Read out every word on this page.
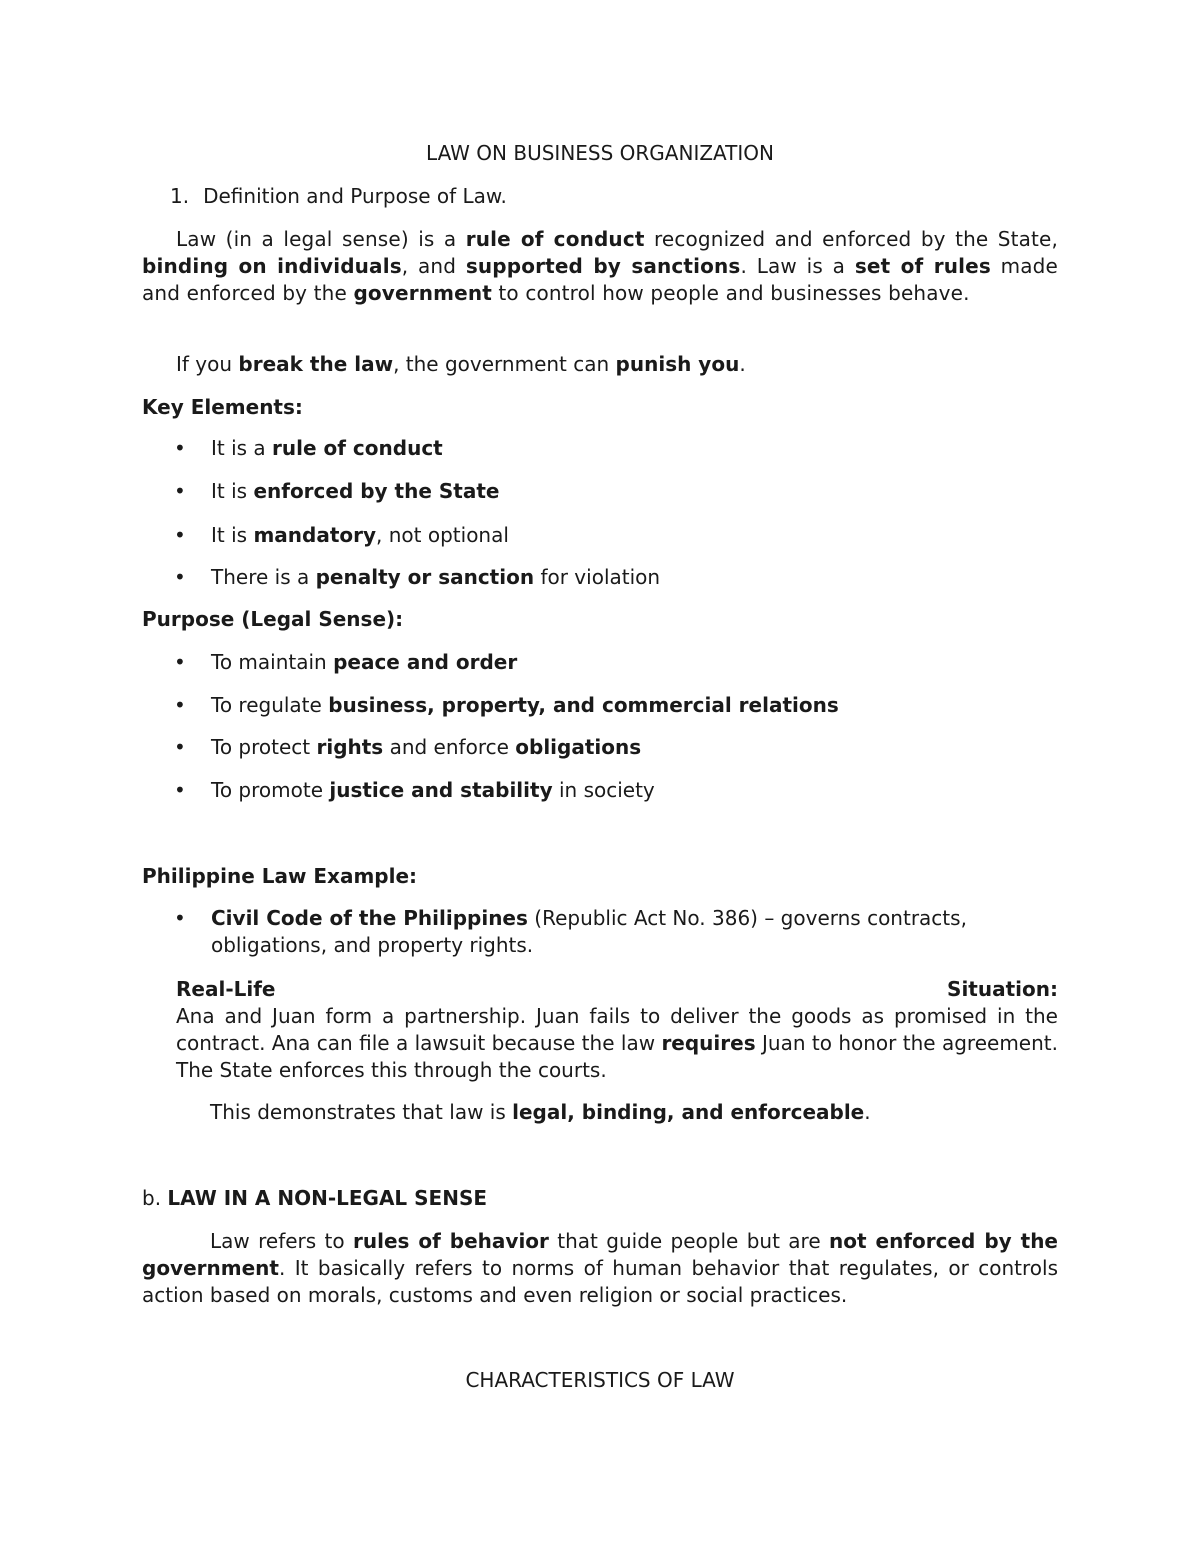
LAW ON BUSINESS ORGANIZATION
1. Definition and Purpose of Law.
Law (in a legal sense) is a rule of conduct recognized and enforced by the State, binding on individuals, and supported by sanctions. Law is a set of rules made and enforced by the government to control how people and businesses behave.
If you break the law, the government can punish you.
Key Elements:
• It is a rule of conduct
• It is enforced by the State
• It is mandatory, not optional
• There is a penalty or sanction for violation
Purpose (Legal Sense):
• To maintain peace and order
• To regulate business, property, and commercial relations
• To protect rights and enforce obligations
• To promote justice and stability in society
Philippine Law Example:
• Civil Code of the Philippines (Republic Act No. 386) – governs contracts, obligations, and property rights.
Real-Life	Situation:
Ana and Juan form a partnership. Juan fails to deliver the goods as promised in the contract. Ana can file a lawsuit because the law requires Juan to honor the agreement. The State enforces this through the courts.
This demonstrates that law is legal, binding, and enforceable.
b. LAW IN A NON-LEGAL SENSE
Law refers to rules of behavior that guide people but are not enforced by the government. It basically refers to norms of human behavior that regulates, or controls action based on morals, customs and even religion or social practices.
CHARACTERISTICS OF LAW
